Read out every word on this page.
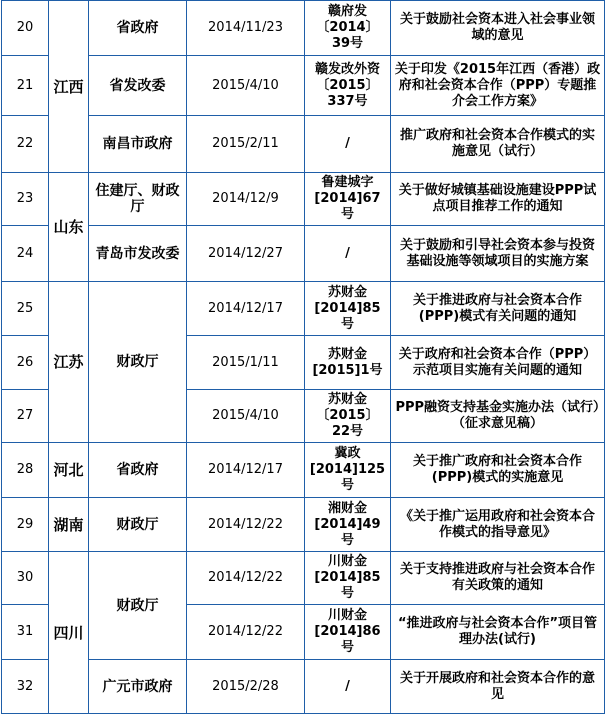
20	江西	省政府	2014/11/23	赣府发〔2014〕39号	关于鼓励社会资本进入社会事业领域的意见
21		省发改委	2015/4/10	赣发改外资〔2015〕337号	关于印发《2015年江西（香港）政府和社会资本合作（PPP）专题推介会工作方案》
22		南昌市政府	2015/2/11	/	推广政府和社会资本合作模式的实施意见（试行）
23	山东	住建厅、财政厅	2014/12/9	鲁建城字[2014]67号	关于做好城镇基础设施建设PPP试点项目推荐工作的通知
24		青岛市发改委	2014/12/27	/	关于鼓励和引导社会资本参与投资基础设施等领域项目的实施方案
25	江苏	财政厅	2014/12/17	苏财金[2014]85号	关于推进政府与社会资本合作(PPP)模式有关问题的通知
26			2015/1/11	苏财金[2015]1号	关于政府和社会资本合作（PPP）示范项目实施有关问题的通知
27			2015/4/10	苏财金〔2015〕22号	PPP融资支持基金实施办法（试行）（征求意见稿）
28	河北	省政府	2014/12/17	冀政[2014]125号	关于推广政府和社会资本合作(PPP)模式的实施意见
29	湖南	财政厅	2014/12/22	湘财金[2014]49号	《关于推广运用政府和社会资本合作模式的指导意见》
30	四川	财政厅	2014/12/22	川财金[2014]85号	关于支持推进政府与社会资本合作有关政策的通知
31			2014/12/22	川财金[2014]86号	“推进政府与社会资本合作”项目管理办法(试行)
32		广元市政府	2015/2/28	/	关于开展政府和社会资本合作的意见
